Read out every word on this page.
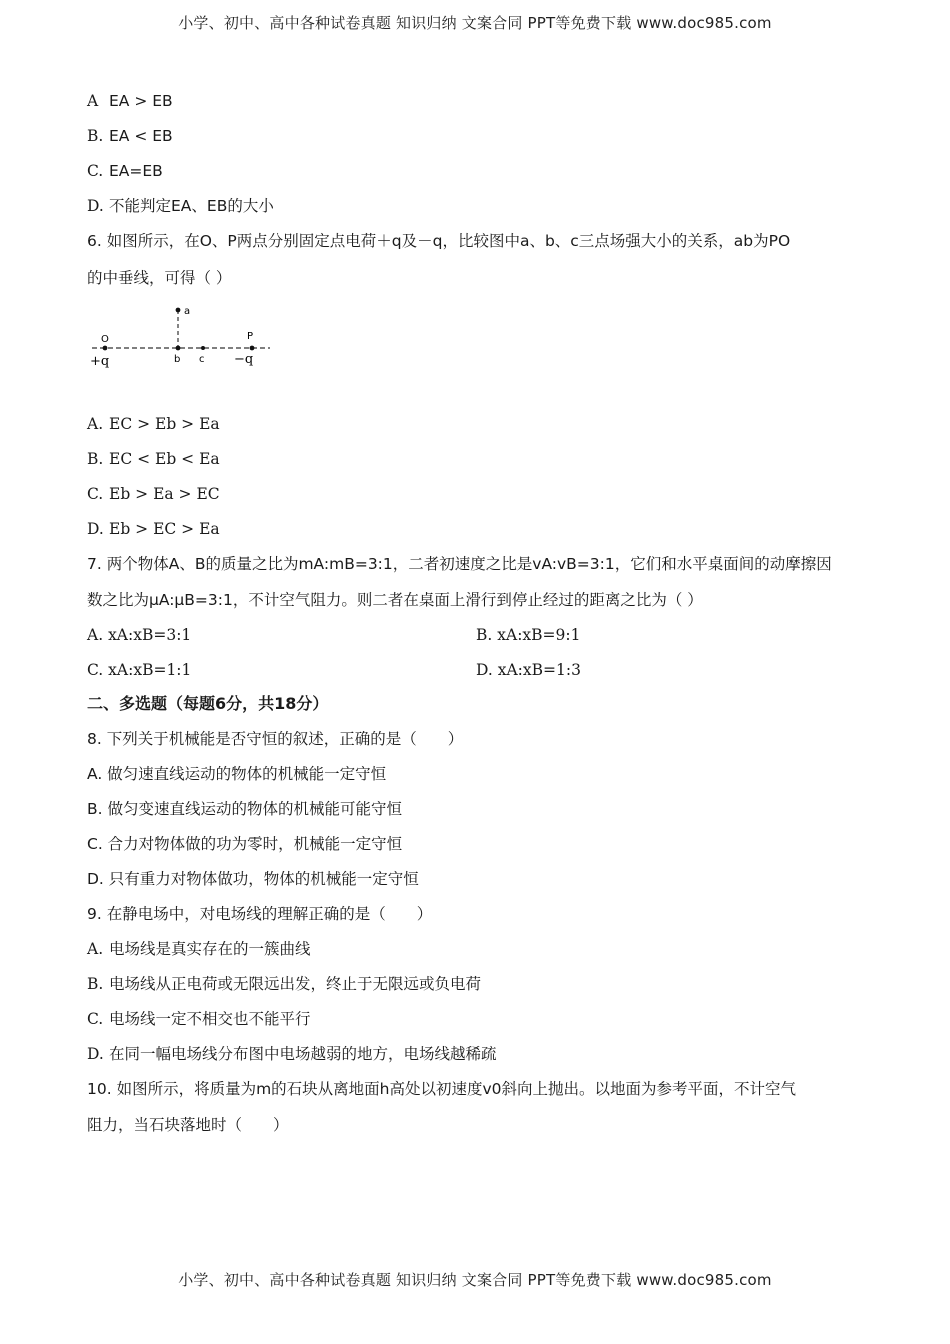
小学、初中、高中各种试卷真题 知识归纳 文案合同 PPT等免费下载 www.doc985.com
A EA > EB
B. EA < EB
C. EA=EB
D. 不能判定EA、EB的大小
6. 如图所示，在O、P两点分别固定点电荷＋q及－q，比较图中a、b、c三点场强大小的关系，ab为PO
的中垂线，可得（ ）
O
a
b c
P
+q	−q
A. EC > Eb > Ea
B. EC < Eb < Ea
C. Eb > Ea > EC
D. Eb > EC > Ea
7. 两个物体A、B的质量之比为mA:mB=3:1，二者初速度之比是vA:vB=3:1，它们和水平桌面间的动摩擦因
数之比为μA:μB=3:1，不计空气阻力。则二者在桌面上滑行到停止经过的距离之比为（ ）
A. xA:xB=3:1	B. xA:xB=9:1
C. xA:xB=1:1	D. xA:xB=1:3
二、多选题（每题6分，共18分）
8. 下列关于机械能是否守恒的叙述，正确的是（　　）
A. 做匀速直线运动的物体的机械能一定守恒
B. 做匀变速直线运动的物体的机械能可能守恒
C. 合力对物体做的功为零时，机械能一定守恒
D. 只有重力对物体做功，物体的机械能一定守恒
9. 在静电场中，对电场线的理解正确的是（　　）
A. 电场线是真实存在的一簇曲线
B. 电场线从正电荷或无限远出发，终止于无限远或负电荷
C. 电场线一定不相交也不能平行
D. 在同一幅电场线分布图中电场越弱的地方，电场线越稀疏
10. 如图所示，将质量为m的石块从离地面h高处以初速度v0斜向上抛出。以地面为参考平面，不计空气
阻力，当石块落地时（　　）
小学、初中、高中各种试卷真题 知识归纳 文案合同 PPT等免费下载 www.doc985.com
